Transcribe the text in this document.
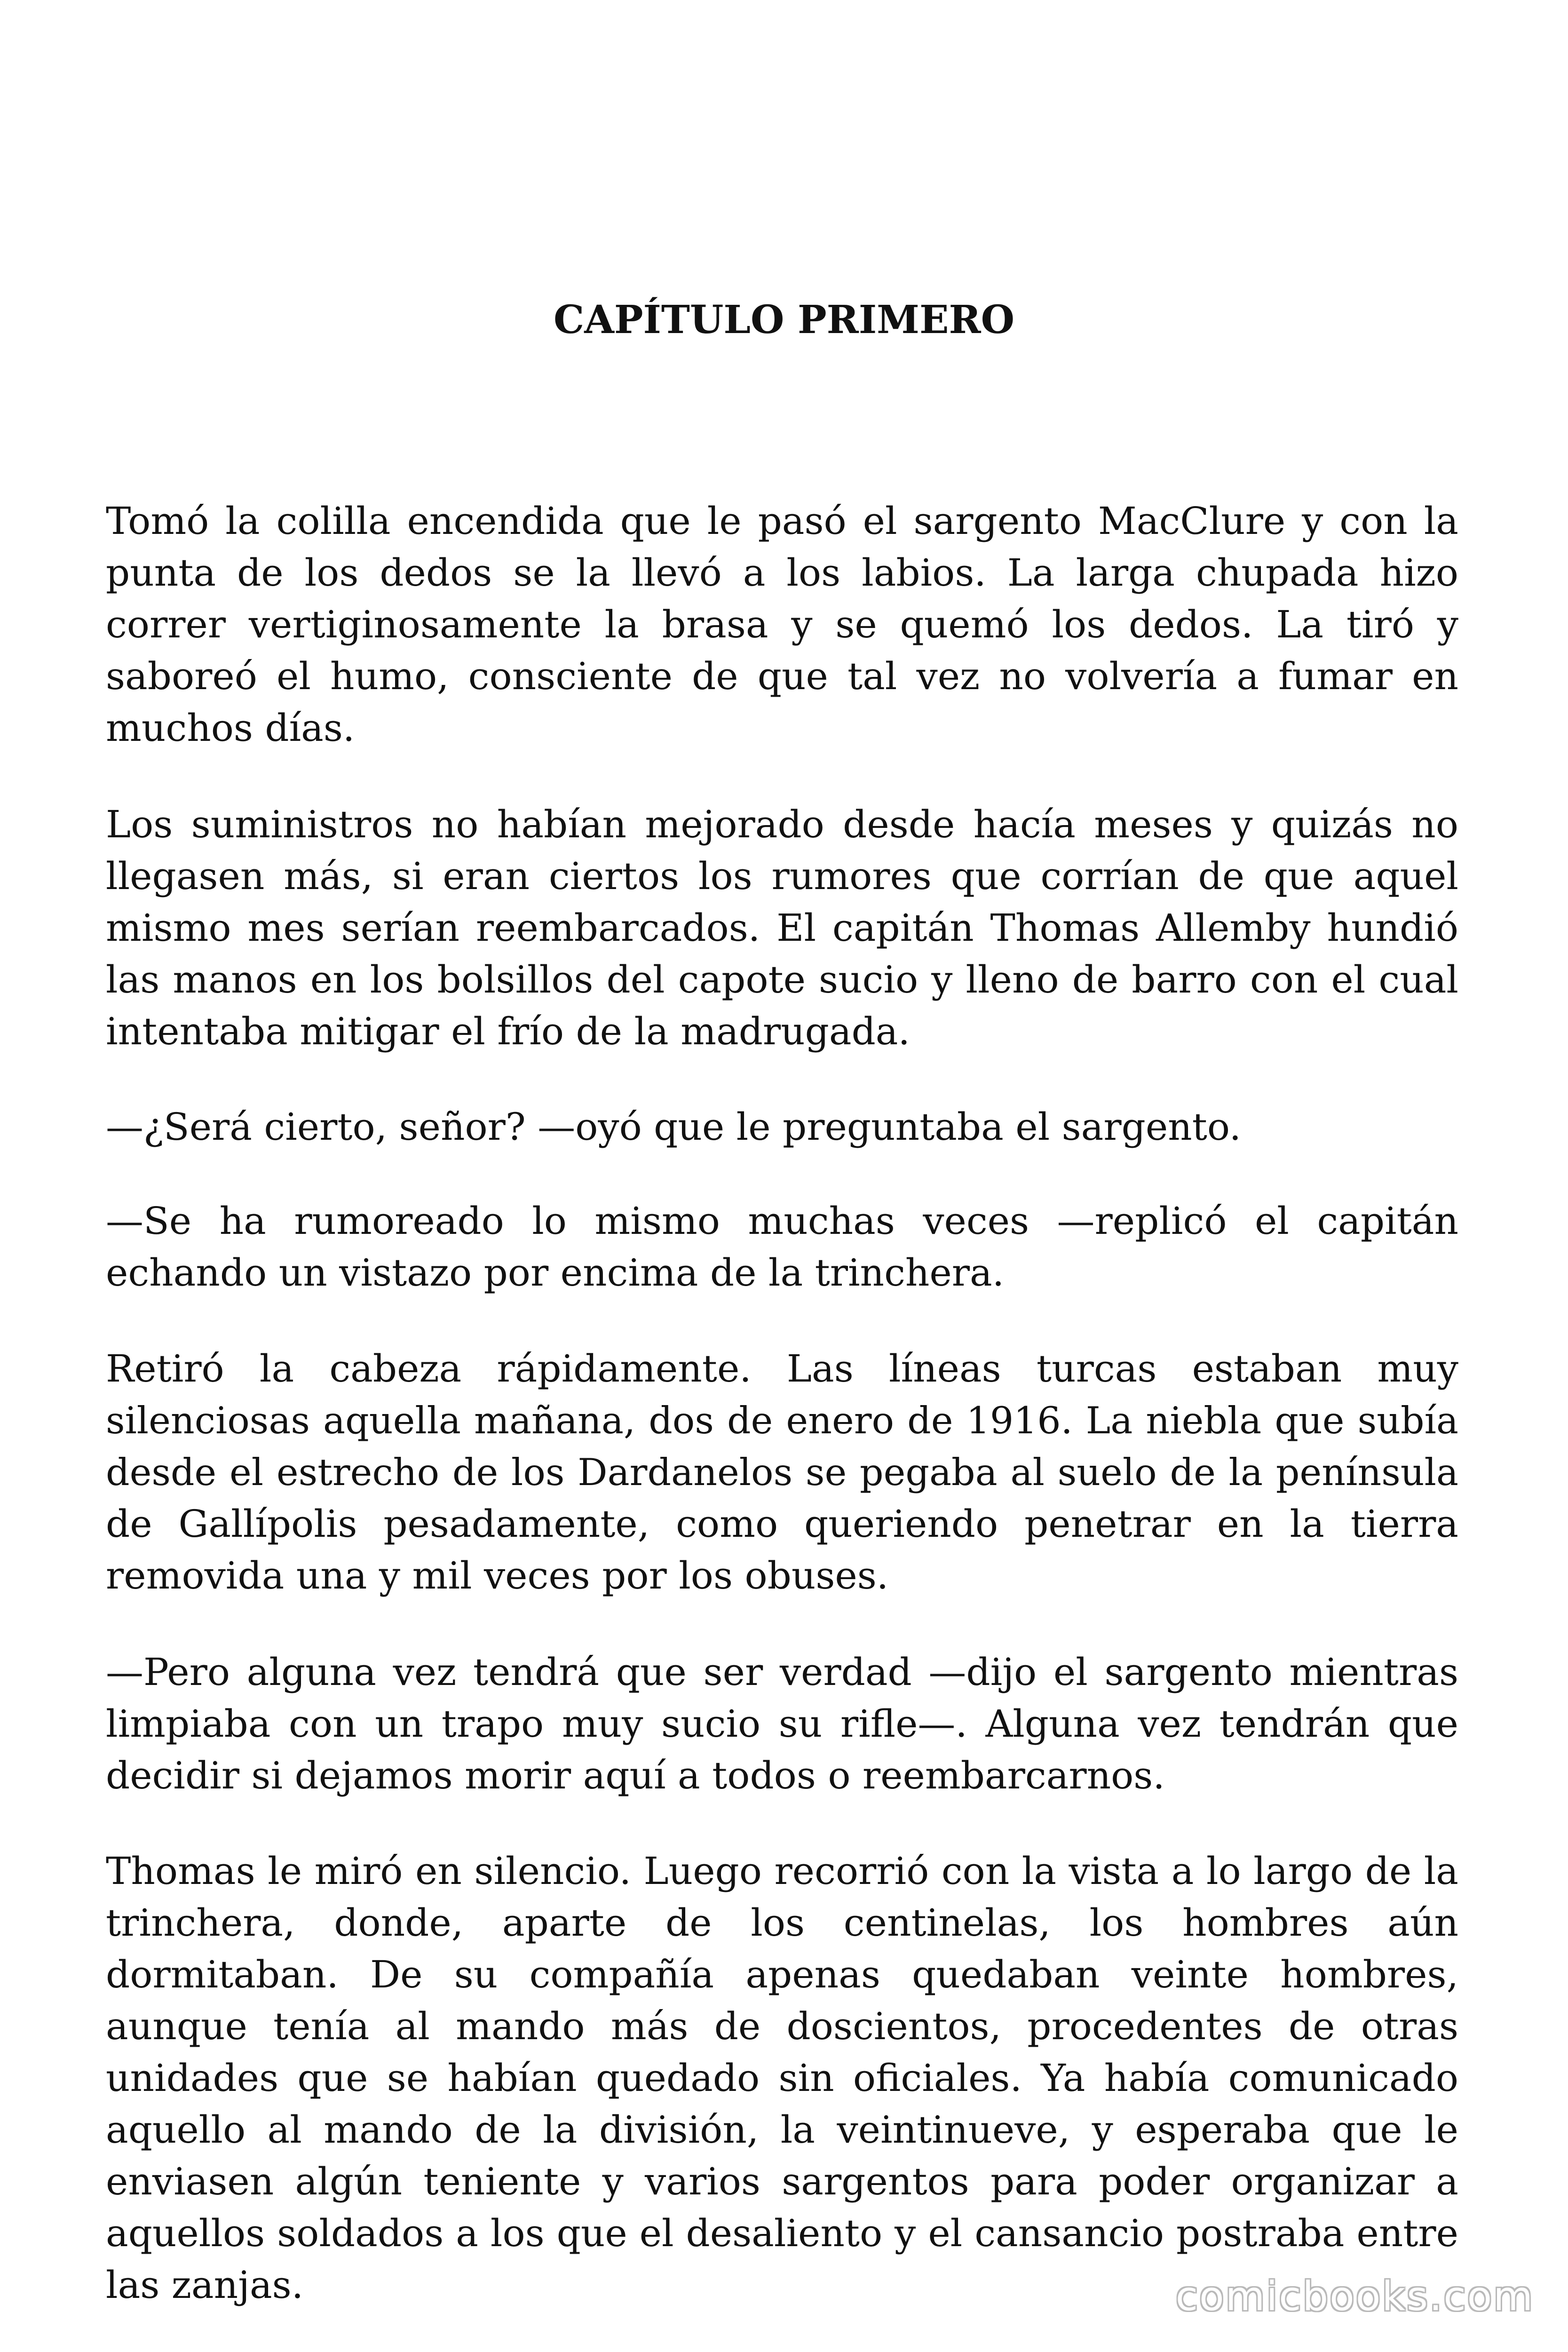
CAPÍTULO PRIMERO
Tomó la colilla encendida que le pasó el sargento MacClure y con la
punta de los dedos se la llevó a los labios. La larga chupada hizo
correr vertiginosamente la brasa y se quemó los dedos. La tiró y
saboreó el humo, consciente de que tal vez no volvería a fumar en
muchos días.
Los suministros no habían mejorado desde hacía meses y quizás no
llegasen más, si eran ciertos los rumores que corrían de que aquel
mismo mes serían reembarcados. El capitán Thomas Allemby hundió
las manos en los bolsillos del capote sucio y lleno de barro con el cual
intentaba mitigar el frío de la madrugada.
—¿Será cierto, señor? —oyó que le preguntaba el sargento.
—Se ha rumoreado lo mismo muchas veces —replicó el capitán
echando un vistazo por encima de la trinchera.
Retiró la cabeza rápidamente. Las líneas turcas estaban muy
silenciosas aquella mañana, dos de enero de 1916. La niebla que subía
desde el estrecho de los Dardanelos se pegaba al suelo de la península
de Gallípolis pesadamente, como queriendo penetrar en la tierra
removida una y mil veces por los obuses.
—Pero alguna vez tendrá que ser verdad —dijo el sargento mientras
limpiaba con un trapo muy sucio su rifle—. Alguna vez tendrán que
decidir si dejamos morir aquí a todos o reembarcarnos.
Thomas le miró en silencio. Luego recorrió con la vista a lo largo de la
trinchera, donde, aparte de los centinelas, los hombres aún
dormitaban. De su compañía apenas quedaban veinte hombres,
aunque tenía al mando más de doscientos, procedentes de otras
unidades que se habían quedado sin oficiales. Ya había comunicado
aquello al mando de la división, la veintinueve, y esperaba que le
enviasen algún teniente y varios sargentos para poder organizar a
aquellos soldados a los que el desaliento y el cansancio postraba entre
las zanjas.	comicbooks.com
